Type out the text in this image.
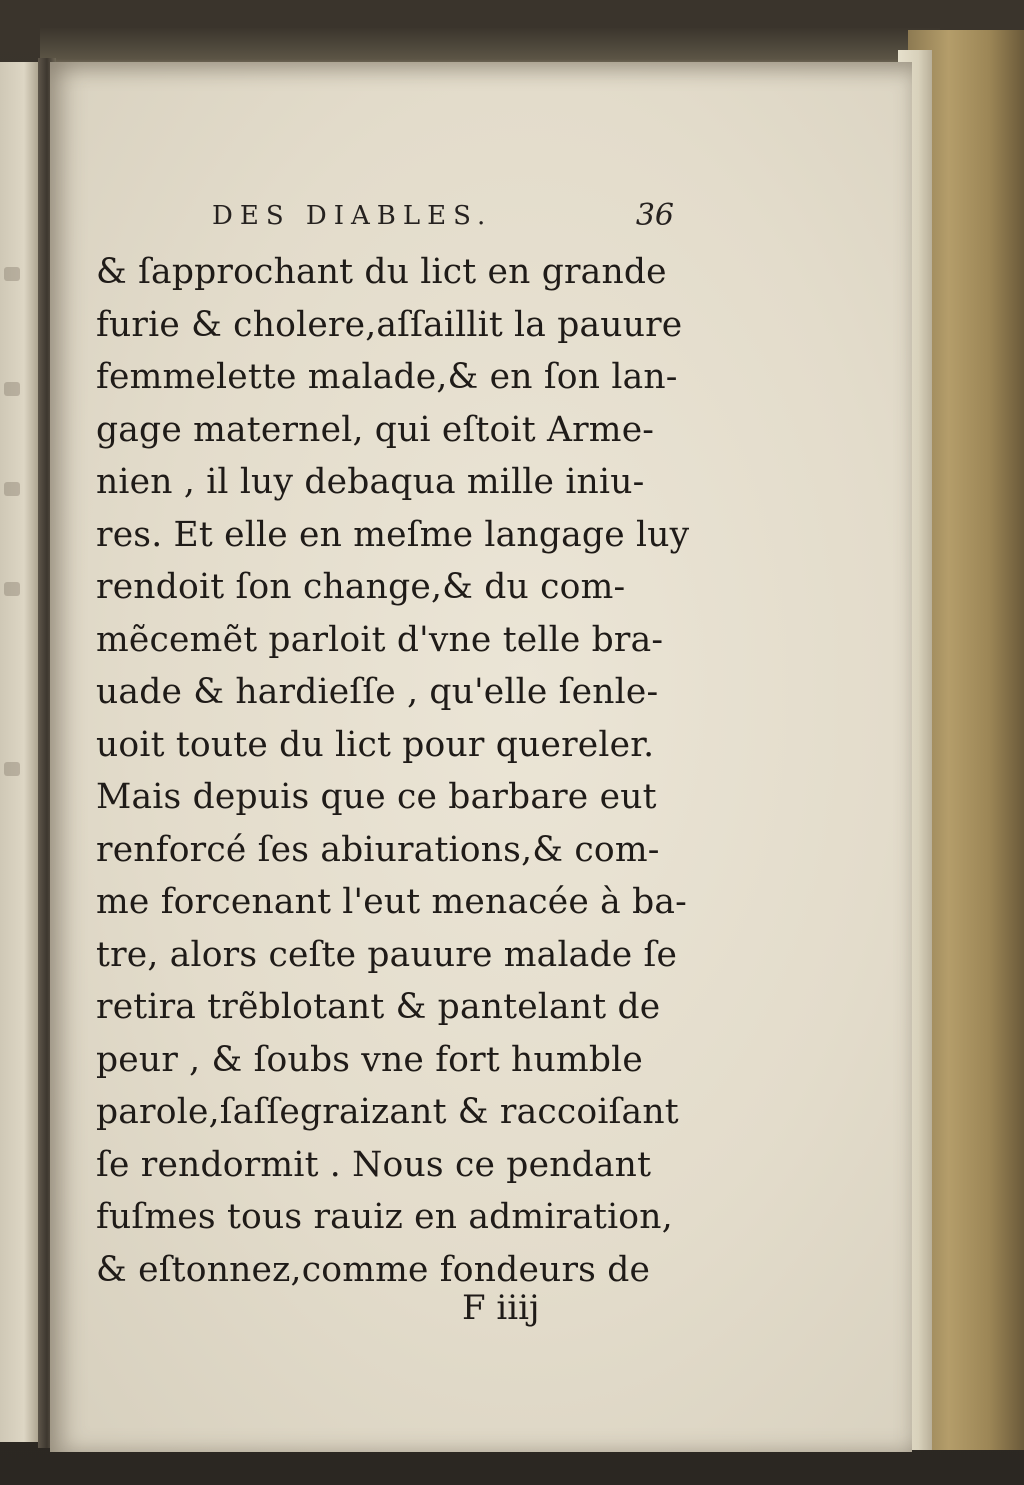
DES DIABLES.	36
& ſapprochant du lict en grande
furie & cholere,aſſaillit la pauure
femmelette malade,& en ſon lan-
gage maternel, qui eſtoit Arme-
nien , il luy debaqua mille iniu-
res. Et elle en meſme langage luy
rendoit ſon change,& du com-
mẽcemẽt parloit d'vne telle bra-
uade & hardieſſe , qu'elle ſenle-
uoit toute du lict pour quereler.
Mais depuis que ce barbare eut
renforcé ſes abiurations,& com-
me forcenant l'eut menacée à ba-
tre, alors ceſte pauure malade ſe
retira trẽblotant & pantelant de
peur , & ſoubs vne fort humble
parole,ſaſſegraizant & raccoiſant
ſe rendormit . Nous ce pendant
fuſmes tous rauiz en admiration,
& eſtonnez,comme fondeurs de
F iiij
